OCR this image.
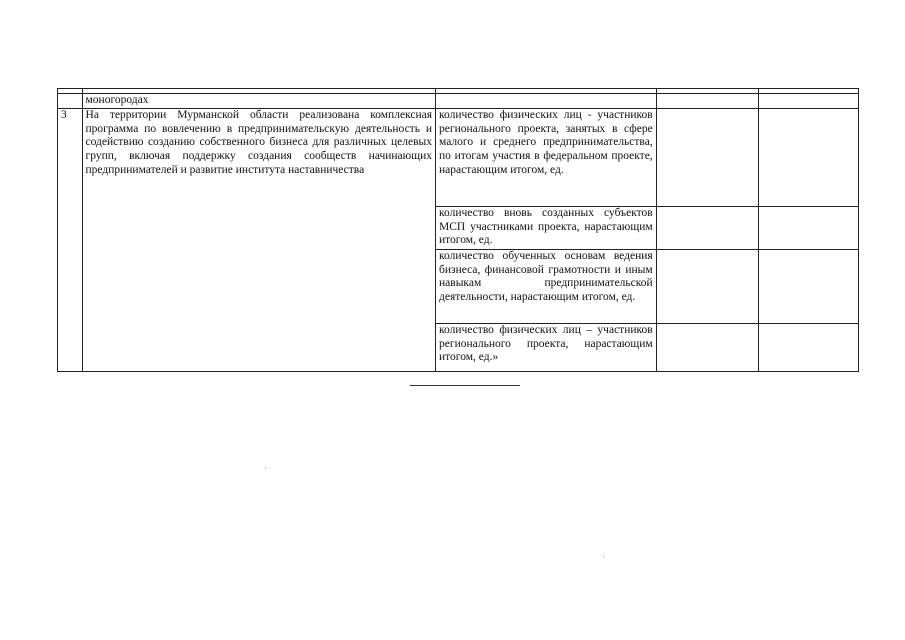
	моногородах			
3	На территории Мурманской области реализована комплексная программа по вовлечению в предпринимательскую деятельность и содействию созданию собственного бизнеса для различных целевых групп, включая поддержку создания сообществ начинающих предпринимателей и развитие института наставничества	количество физических лиц - участников регионального проекта, занятых в сфере малого и среднего предпринимательства, по итогам участия в федеральном проекте, нарастающим итогом, ед.		
		количество вновь созданных субъектов МСП участниками проекта, нарастающим итогом, ед.		
		количество обученных основам ведения бизнеса, финансовой грамотности и иным навыкам предпринимательской деятельности, нарастающим итогом, ед.		
		количество физических лиц – участников регионального проекта, нарастающим итогом, ед.»		
